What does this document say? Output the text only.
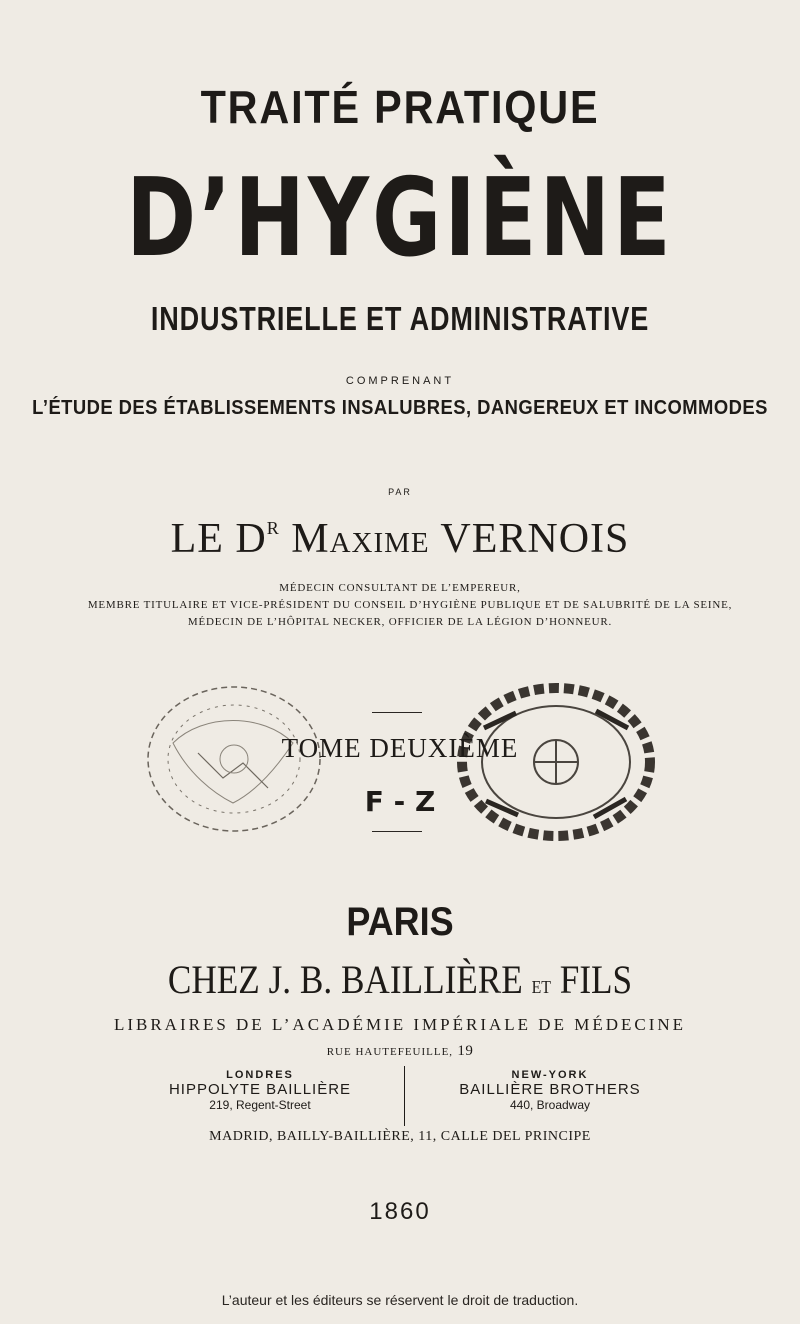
TRAITÉ PRATIQUE
D’HYGIÈNE
INDUSTRIELLE ET ADMINISTRATIVE
COMPRENANT
L’ÉTUDE DES ÉTABLISSEMENTS INSALUBRES, DANGEREUX ET INCOMMODES
PAR
LE $D^R$ Maxime VERNOIS
MÉDECIN CONSULTANT DE L’EMPEREUR,
MEMBRE TITULAIRE ET VICE-PRÉSIDENT DU CONSEIL D’HYGIÈNE PUBLIQUE ET DE SALUBRITÉ DE LA SEINE,
MÉDECIN DE L’HÔPITAL NECKER, OFFICIER DE LA LÉGION D’HONNEUR.
TOME DEUXIÈME
F - Z
PARIS
CHEZ J. B. BAILLIÈRE et FILS
LIBRAIRES DE L’ACADÉMIE IMPÉRIALE DE MÉDECINE
RUE HAUTEFEUILLE, 19
LONDRES
HIPPOLYTE BAILLIÈRE
219, Regent-Street
NEW-YORK
BAILLIÈRE BROTHERS
440, Broadway
MADRID, BAILLY-BAILLIÈRE, 11, CALLE DEL PRINCIPE
1860
L’auteur et les éditeurs se réservent le droit de traduction.
